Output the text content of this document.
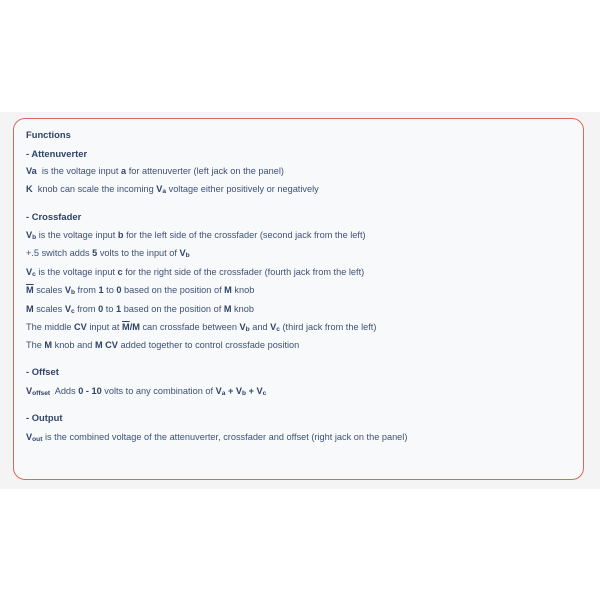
Functions
- Attenuverter
Va  is the voltage input a for attenuverter (left jack on the panel)
K  knob can scale the incoming Va voltage either positively or negatively
- Crossfader
Vb is the voltage input b for the left side of the crossfader (second jack from the left)
+.5 switch adds 5 volts to the input of Vb
Vc is the voltage input c for the right side of the crossfader (fourth jack from the left)
$\overline{M}$ scales Vb from 1 to 0 based on the position of M knob
M scales Vc from 0 to 1 based on the position of M knob
The middle CV input at $\overline{M}/M$ can crossfade between Vb and Vc (third jack from the left)
The M knob and M CV added together to control crossfade position
- Offset
Voffset  Adds 0 - 10 volts to any combination of Va + Vb + Vc
- Output
Vout is the combined voltage of the attenuverter, crossfader and offset (right jack on the panel)
